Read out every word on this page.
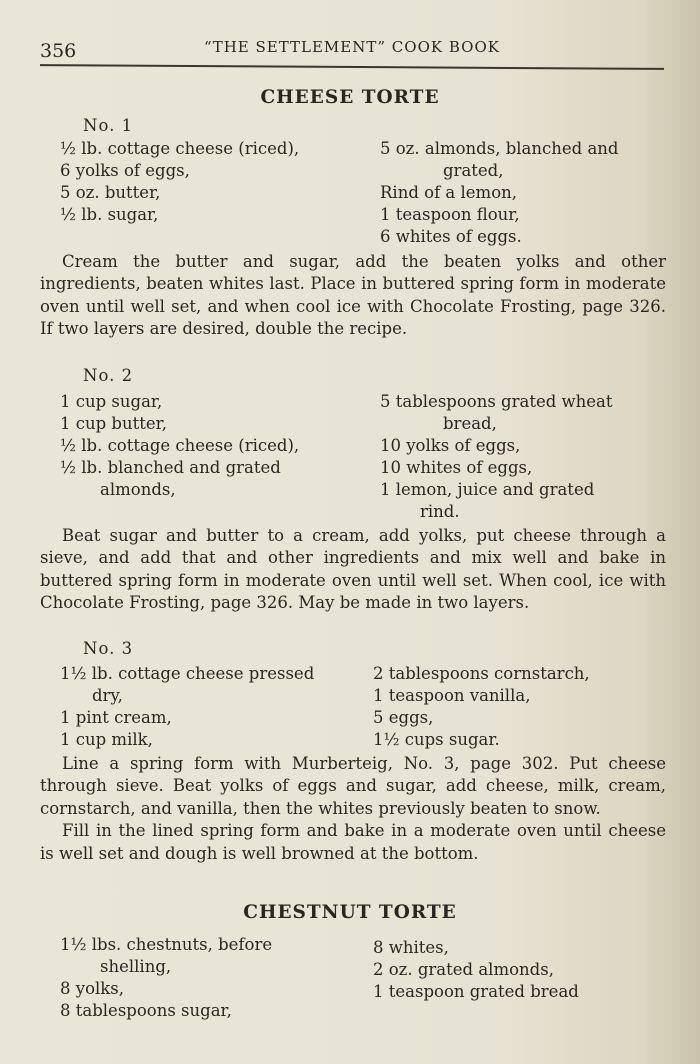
356	“THE SETTLEMENT” COOK BOOK
CHEESE TORTE
No. 1
½ lb. cottage cheese (riced),
6 yolks of eggs,
5 oz. butter,
½ lb. sugar,
5 oz. almonds, blanched and
grated,
Rind of a lemon,
1 teaspoon flour,
6 whites of eggs.

Cream the butter and sugar, add the beaten yolks and other ingredients, beaten whites last. Place in buttered spring form in moderate oven until well set, and when cool ice with Chocolate Frosting, page 326. If two layers are desired, double the recipe.

No. 2
1 cup sugar,
1 cup butter,
½ lb. cottage cheese (riced),
½ lb. blanched and grated
almonds,
5 tablespoons grated wheat
bread,
10 yolks of eggs,
10 whites of eggs,
1 lemon, juice and grated
rind.

Beat sugar and butter to a cream, add yolks, put cheese through a sieve, and add that and other ingredients and mix well and bake in buttered spring form in moderate oven until well set. When cool, ice with Chocolate Frosting, page 326. May be made in two layers.

No. 3
1½ lb. cottage cheese pressed
dry,
1 pint cream,
1 cup milk,
2 tablespoons cornstarch,
1 teaspoon vanilla,
5 eggs,
1½ cups sugar.

Line a spring form with Murberteig, No. 3, page 302. Put cheese through sieve. Beat yolks of eggs and sugar, add cheese, milk, cream, cornstarch, and vanilla, then the whites previously beaten to snow.

Fill in the lined spring form and bake in a moderate oven until cheese is well set and dough is well browned at the bottom.

CHESTNUT TORTE
1½ lbs. chestnuts, before
shelling,
8 yolks,
8 tablespoons sugar,
8 whites,
2 oz. grated almonds,
1 teaspoon grated bread
